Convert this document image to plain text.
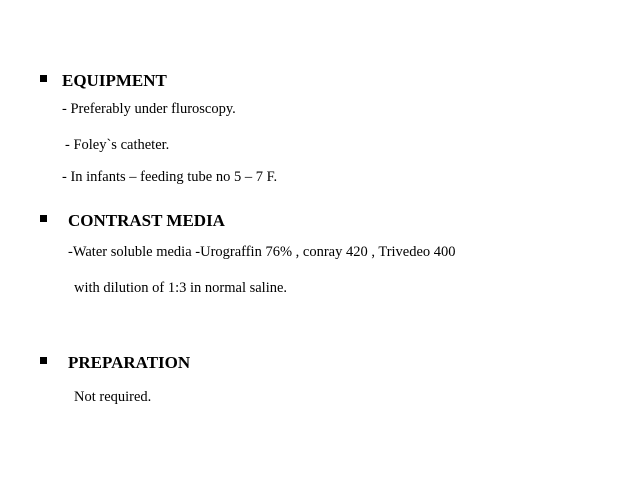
EQUIPMENT
- Preferably under fluroscopy.
- Foley`s catheter.
- In infants – feeding tube no 5 – 7 F.
CONTRAST MEDIA
-Water soluble media -Urograffin 76% , conray 420 , Trivedeo 400
with dilution of 1:3 in normal saline.
PREPARATION
Not required.
